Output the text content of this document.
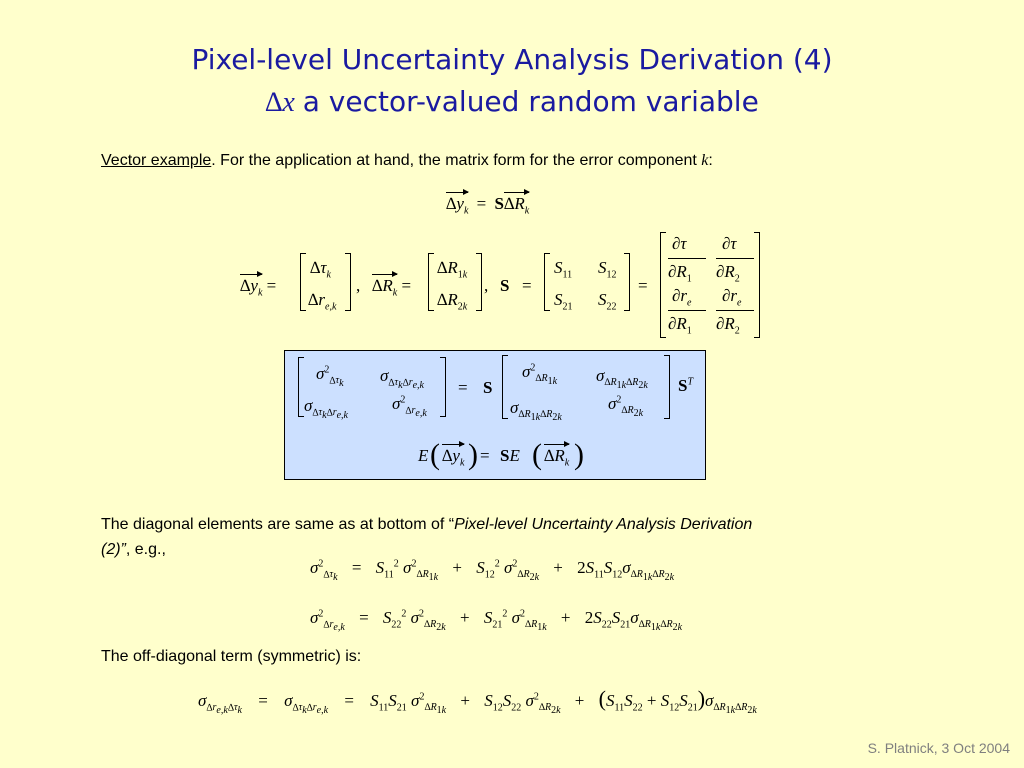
Pixel-level Uncertainty Analysis Derivation (4)
∆x a vector-valued random variable
Vector example. For the application at hand, the matrix form for the error component k:
$\Delta y_k = S\Delta R_k$
$\Delta y_k$ =
$\Delta\tau_k$
$\Delta r_{e,k}$
, $\Delta R_k$ =
$\Delta R_{1k}$
$\Delta R_{2k}$
, S =
$S_{11}$ $S_{12}$
$S_{21}$ $S_{22}$
=
∂τ
$\partial R_1$
∂τ
$\partial R_2$
$\partial r_e$
$\partial R_1$
$\partial r_e$
$\partial R_2$
$\sigma^2_{\Delta\tau_k}$ $\sigma_{\Delta\tau_k\Delta r_{e,k}}$
$\sigma_{\Delta\tau_k\Delta r_{e,k}}$
$\sigma^2_{\Delta r_{e,k}}$
= S
$\sigma^2_{\Delta R_{1k}}$ $\sigma_{\Delta R_{1k}\Delta R_{2k}}$
$\sigma_{\Delta R_{1k}\Delta R_{2k}}$
$\sigma^2_{\Delta R_{2k}}$
$S^T$
E ( $\Delta y_k$ ) = SE ( $\Delta R_k$ )
The diagonal elements are same as at bottom of “Pixel-level Uncertainty Analysis Derivation
(2)”, e.g.,
$\sigma^2_{\Delta\tau_k} = S_{11}^2$ $\sigma^2_{\Delta R_{1k}} + S_{12}^2$ $\sigma^2_{\Delta R_{2k}} + 2S_{11}S_{12}\sigma_{\Delta R_{1k}\Delta R_{2k}}$
$\sigma^2_{\Delta r_{e,k}} = S_{22}^2$ $\sigma^2_{\Delta R_{2k}} + S_{21}^2$ $\sigma^2_{\Delta R_{1k}} + 2S_{22}S_{21}\sigma_{\Delta R_{1k}\Delta R_{2k}}$
The off-diagonal term (symmetric) is:
$\sigma_{\Delta r_{e,k}\Delta\tau_k} = \sigma_{\Delta\tau_k\Delta r_{e,k}} = S_{11}S_{21}$ $\sigma^2_{\Delta R_{1k}} + S_{12}S_{22}$ $\sigma^2_{\Delta R_{2k}} + (S_{11}S_{22} + S_{12}S_{21})\sigma_{\Delta R_{1k}\Delta R_{2k}}$
S. Platnick, 3 Oct 2004
